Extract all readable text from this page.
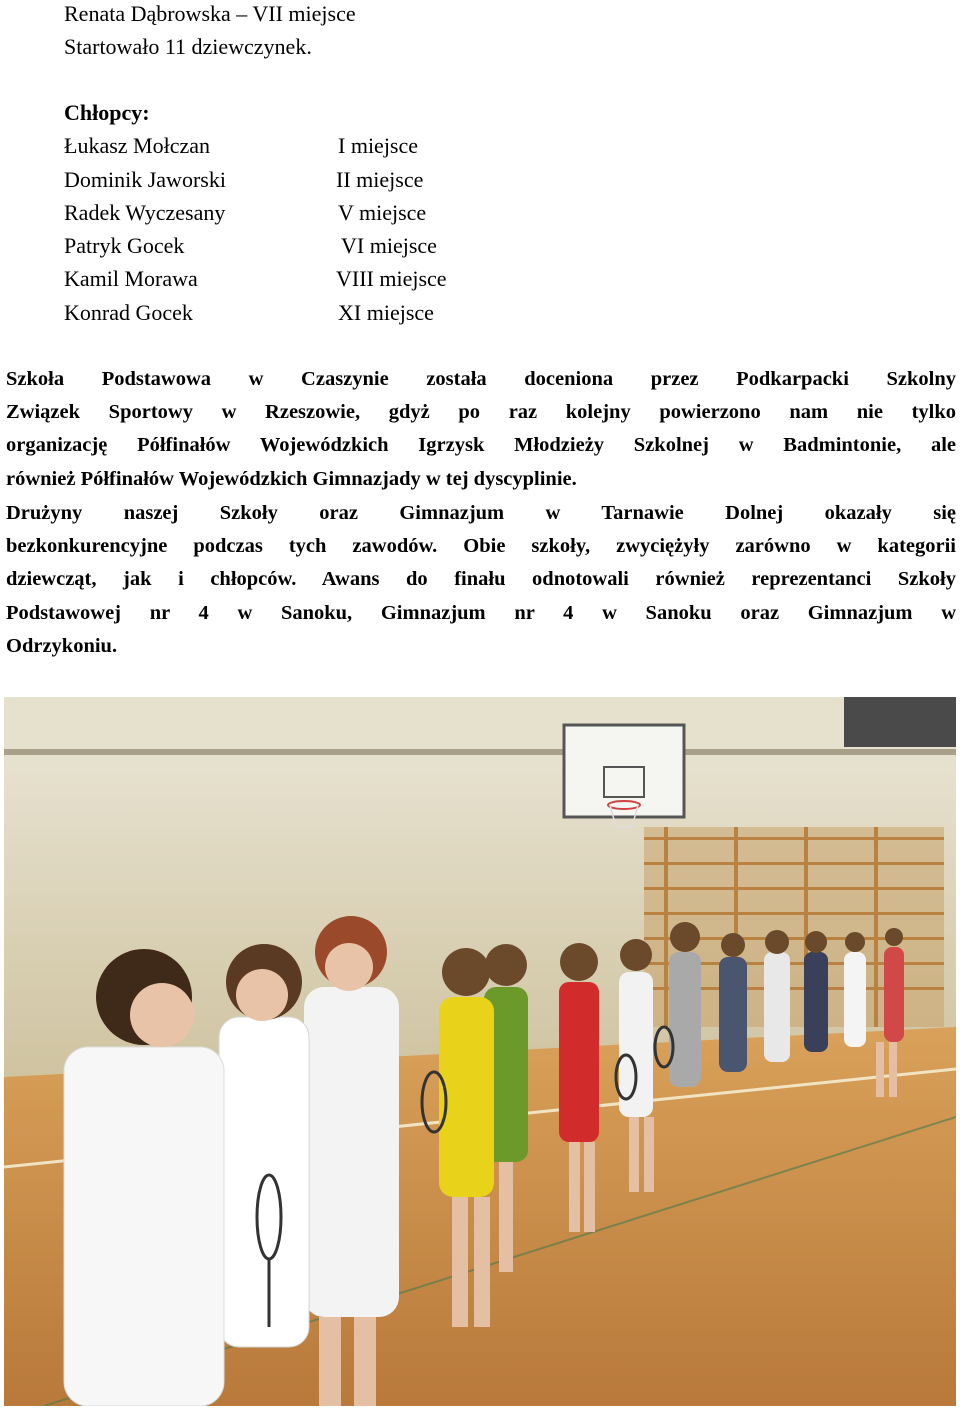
Renata Dąbrowska – VII miejsce
Startowało 11 dziewczynek.
Chłopcy:
Łukasz Mołczan	I miejsce
Dominik Jaworski	II miejsce
Radek Wyczesany	V miejsce
Patryk Gocek	VI miejsce
Kamil Morawa	VIII miejsce
Konrad Gocek	XI miejsce
Szkoła Podstawowa w Czaszynie została doceniona przez Podkarpacki Szkolny
Związek Sportowy w Rzeszowie, gdyż po raz kolejny powierzono nam nie tylko
organizację Półfinałów Wojewódzkich Igrzysk Młodzieży Szkolnej w Badmintonie, ale
również Półfinałów Wojewódzkich Gimnazjady w tej dyscyplinie.
Drużyny naszej Szkoły oraz Gimnazjum w Tarnawie Dolnej okazały się
bezkonkurencyjne podczas tych zawodów. Obie szkoły, zwyciężyły zarówno w kategorii
dziewcząt, jak i chłopców. Awans do finału odnotowali również reprezentanci Szkoły
Podstawowej nr 4 w Sanoku, Gimnazjum nr 4 w Sanoku oraz Gimnazjum w
Odrzykoniu.
